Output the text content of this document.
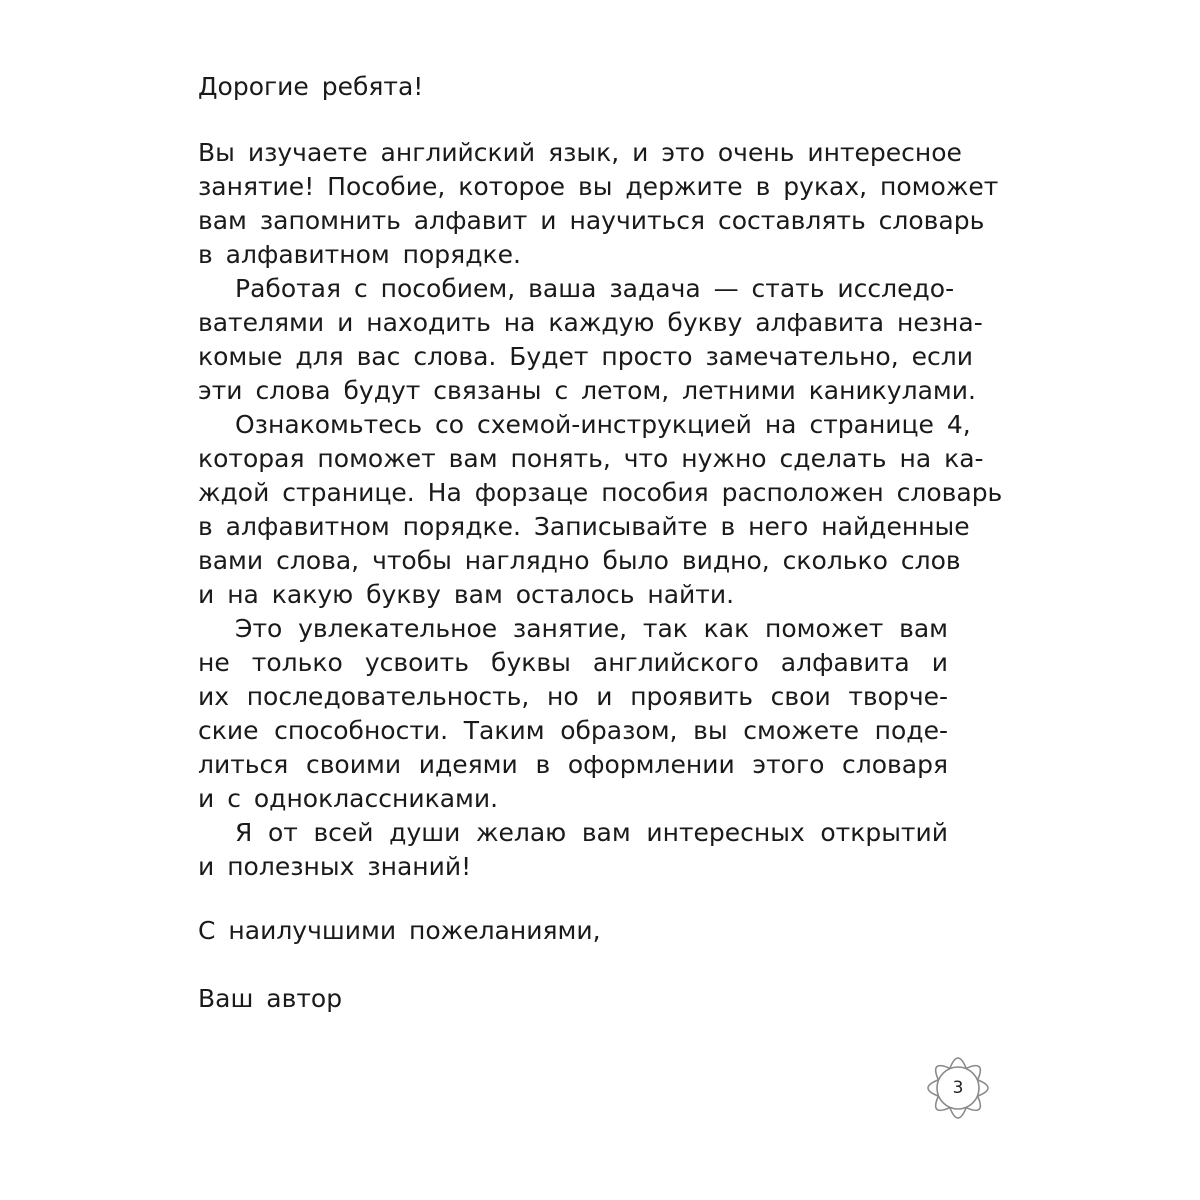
Дорогие ребята!
Вы изучаете английский язык, и это очень интересное
занятие! Пособие, которое вы держите в руках, поможет
вам запомнить алфавит и научиться составлять словарь
в алфавитном порядке.
Работая с пособием, ваша задача — стать исследо-
вателями и находить на каждую букву алфавита незна-
комые для вас слова. Будет просто замечательно, если
эти слова будут связаны с летом, летними каникулами.
Ознакомьтесь со схемой-инструкцией на странице 4,
которая поможет вам понять, что нужно сделать на ка-
ждой странице. На форзаце пособия расположен словарь
в алфавитном порядке. Записывайте в него найденные
вами слова, чтобы наглядно было видно, сколько слов
и на какую букву вам осталось найти.
Это увлекательное занятие, так как поможет вам
не только усвоить буквы английского алфавита и
их последовательность, но и проявить свои творче-
ские способности. Таким образом, вы сможете поде-
литься своими идеями в оформлении этого словаря
и с одноклассниками.
Я от всей души желаю вам интересных открытий
и полезных знаний!
С наилучшими пожеланиями,
Ваш автор
3
